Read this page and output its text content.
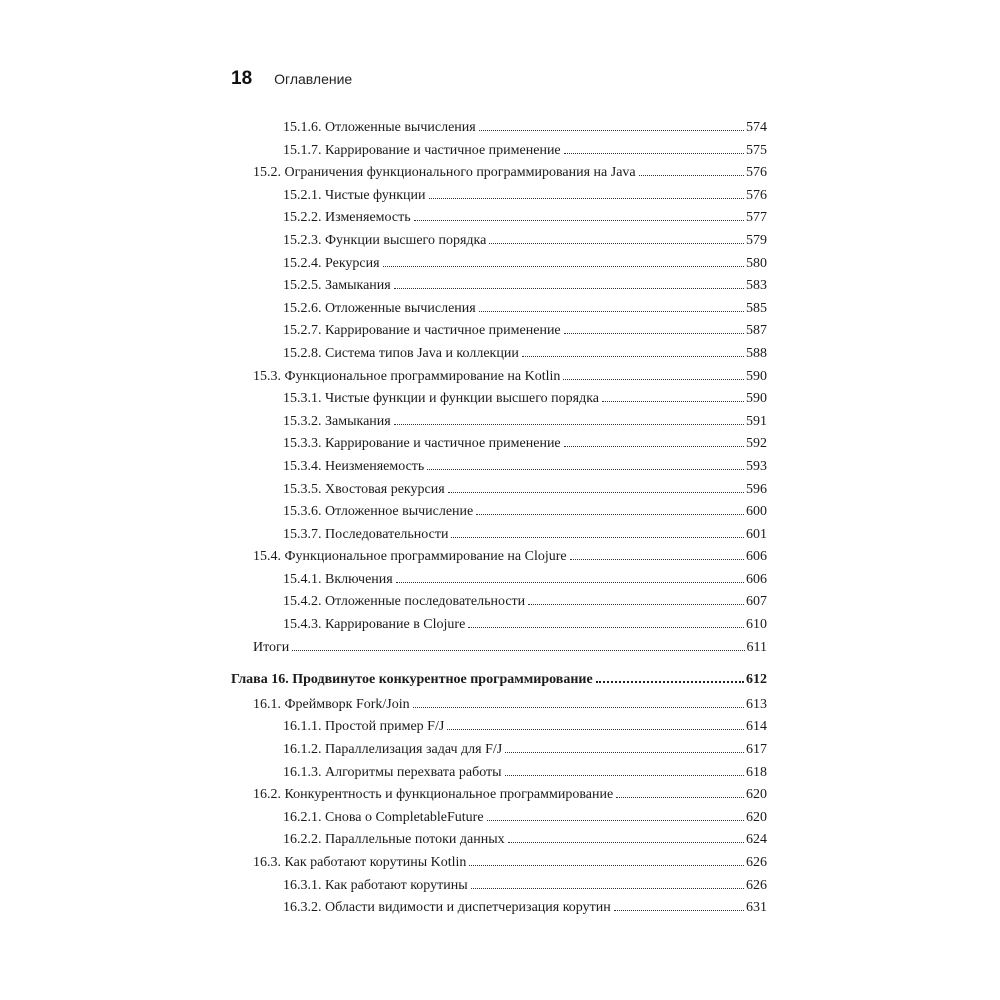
18 Оглавление
15.1.6. Отложенные вычисления	574
15.1.7. Каррирование и частичное применение	575
15.2. Ограничения функционального программирования на Java	576
15.2.1. Чистые функции	576
15.2.2. Изменяемость	577
15.2.3. Функции высшего порядка	579
15.2.4. Рекурсия	580
15.2.5. Замыкания	583
15.2.6. Отложенные вычисления	585
15.2.7. Каррирование и частичное применение	587
15.2.8. Система типов Java и коллекции	588
15.3. Функциональное программирование на Kotlin	590
15.3.1. Чистые функции и функции высшего порядка	590
15.3.2. Замыкания	591
15.3.3. Каррирование и частичное применение	592
15.3.4. Неизменяемость	593
15.3.5. Хвостовая рекурсия	596
15.3.6. Отложенное вычисление	600
15.3.7. Последовательности	601
15.4. Функциональное программирование на Clojure	606
15.4.1. Включения	606
15.4.2. Отложенные последовательности	607
15.4.3. Каррирование в Clojure	610
Итоги	611
Глава 16. Продвинутое конкурентное программирование	612
16.1. Фреймворк Fork/Join	613
16.1.1. Простой пример F/J	614
16.1.2. Параллелизация задач для F/J	617
16.1.3. Алгоритмы перехвата работы	618
16.2. Конкурентность и функциональное программирование	620
16.2.1. Снова о CompletableFuture	620
16.2.2. Параллельные потоки данных	624
16.3. Как работают корутины Kotlin	626
16.3.1. Как работают корутины	626
16.3.2. Области видимости и диспетчеризация корутин	631
